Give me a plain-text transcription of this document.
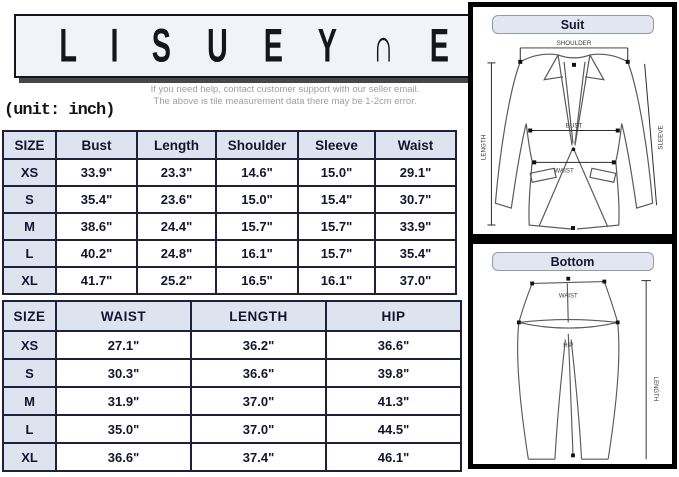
L I S U E Y ∩ E
If you need help, contact customer support with our seller email.
The above is tile measurement data there may be 1-2cm error.
(unit: inch)
SIZE	Bust	Length	Shoulder	Sleeve	Waist
XS	33.9"	23.3"	14.6"	15.0"	29.1"
S	35.4"	23.6"	15.0"	15.4"	30.7"
M	38.6"	24.4"	15.7"	15.7"	33.9"
L	40.2"	24.8"	16.1"	15.7"	35.4"
XL	41.7"	25.2"	16.5"	16.1"	37.0"
SIZE	WAIST	LENGTH	HIP
XS	27.1"	36.2"	36.6"
S	30.3"	36.6"	39.8"
M	31.9"	37.0"	41.3"
L	35.0"	37.0"	44.5"
XL	36.6"	37.4"	46.1"
Suit
SHOULDER
LENGTH	SLEEVE
BUST
WAIST
Bottom
LENGTH
WAIST
HIP
